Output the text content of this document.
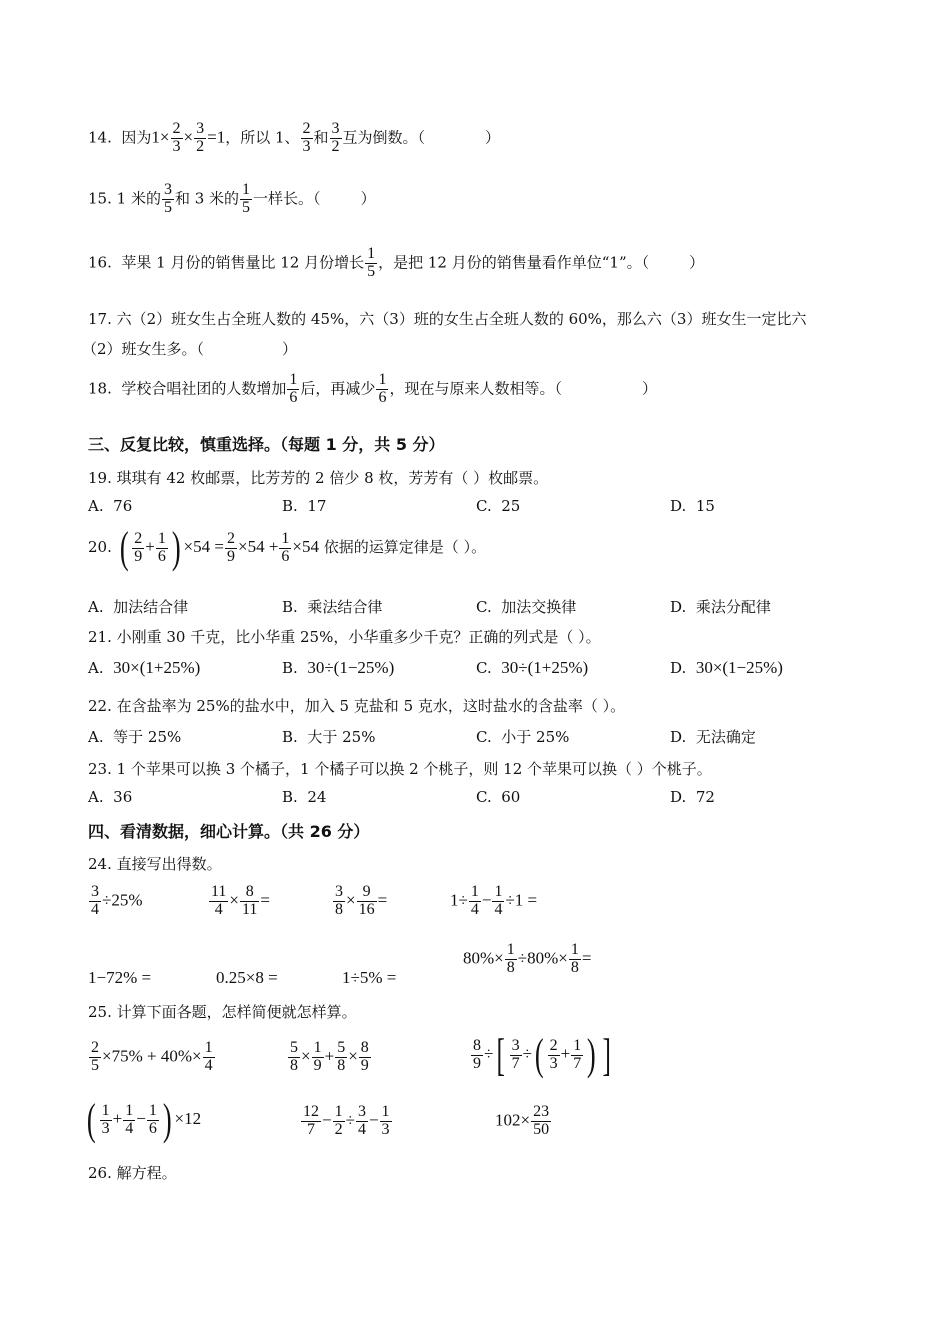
14. 因为$1\times \frac{2}{3} \times \frac{3}{2} =1$，所以 1、 $\frac{2}{3}$ 和 $\frac{3}{2}$ 互为倒数。（	）
15. 1 米的 $\frac{3}{5}$ 和 3 米的 $\frac{1}{5}$ 一样长。（	）
16. 苹果 1 月份的销售量比 12 月份增长 $\frac{1}{5}$ ，是把 12 月份的销售量看作单位“1”。（	）
17. 六（2）班女生占全班人数的 45%，六（3）班的女生占全班人数的 60%，那么六（3）班女生一定比六
（2）班女生多。（	）
18. 学校合唱社团的人数增加 $\frac{1}{6}$ 后，再减少 $\frac{1}{6}$ ，现在与原来人数相等。（	）
三、反复比较，慎重选择。（每题 1 分，共 5 分）
19. 琪琪有 42 枚邮票，比芳芳的 2 倍少 8 枚，芳芳有（ ）枚邮票。
A. 76	B. 17	C. 25	D. 15
20. ( $\frac{2}{9} + \frac{1}{6}$ ) $\times 54 = \frac{2}{9} \times 54 + \frac{1}{6} \times 54$ 依据的运算定律是（ ）。
A. 加法结合律	B. 乘法结合律	C. 加法交换律	D. 乘法分配律
21. 小刚重 30 千克，比小华重 25%，小华重多少千克？正确的列式是（ ）。
A. 30×(1+25%)	B. 30÷(1−25%)	C. 30÷(1+25%)	D. 30×(1−25%)
22. 在含盐率为 25%的盐水中，加入 5 克盐和 5 克水，这时盐水的含盐率（ ）。
A. 等于 25%	B. 大于 25%	C. 小于 25%	D. 无法确定
23. 1 个苹果可以换 3 个橘子，1 个橘子可以换 2 个桃子，则 12 个苹果可以换（ ）个桃子。
A. 36	B. 24	C. 60	D. 72
四、看清数据，细心计算。（共 26 分）
24. 直接写出得数。
$\frac{3}{4} \div 25\%$	$\frac{11}{4} \times \frac{8}{11}$ =	$\frac{3}{8} \times \frac{9}{16}$ =	$1\div \frac{1}{4} - \frac{1}{4} \div 1$ =
1−72% =	0.25×8 =	1÷5% =
$80\%\times \frac{1}{8} \div 80\%\times \frac{1}{8}$ =
25. 计算下面各题，怎样简便就怎样算。
$\frac{2}{5} \times 75\% + 40\%\times \frac{1}{4}$	$\frac{5}{8} \times \frac{1}{9} + \frac{5}{8} \times \frac{8}{9}$	$\frac{8}{9}$ ÷[ $\frac{3}{7}$ ÷( $\frac{2}{3} + \frac{1}{7}$ ) ]
( $\frac{1}{3} + \frac{1}{4} - \frac{1}{6}$ ) ×12	$\frac{12}{7} - \frac{1}{2} \div \frac{3}{4} - \frac{1}{3}$	$102\times \frac{23}{50}$
26. 解方程。
